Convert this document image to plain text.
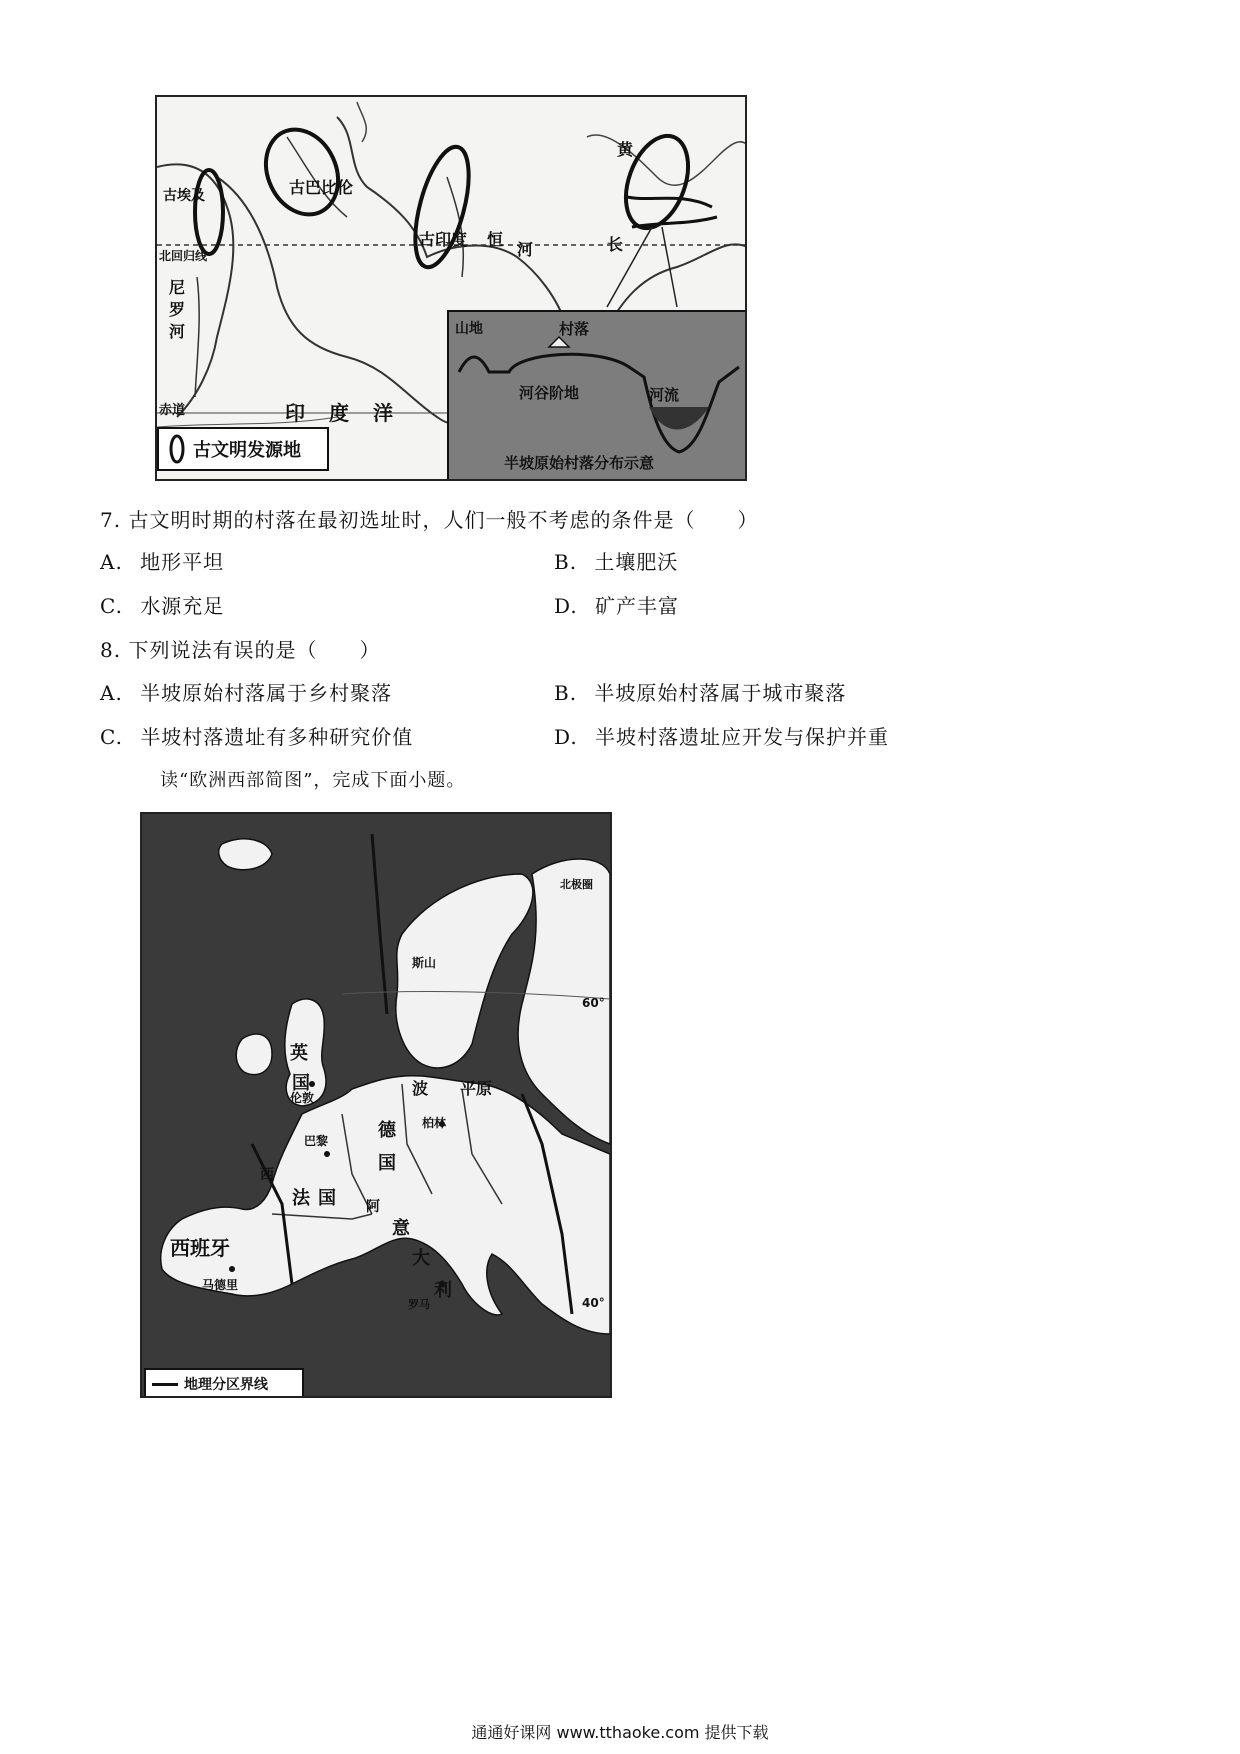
古埃及	古巴比伦
古印度 恒
河
北回归线
尼
罗
河
赤道	印 度 洋
黄
长
古文明发源地
村落
河谷阶地	河流
山地
半坡原始村落分布示意
7. 古文明时期的村落在最初选址时，人们一般不考虑的条件是（　　）
A. 地形平坦	B. 土壤肥沃
C. 水源充足	D. 矿产丰富
8. 下列说法有误的是（　　）
A. 半坡原始村落属于乡村聚落	B. 半坡原始村落属于城市聚落
C. 半坡村落遗址有多种研究价值	D. 半坡村落遗址应开发与保护并重
读“欧洲西部简图”，完成下面小题。
英
国
伦敦
西
巴黎
法 国
德
国
柏林
波 平原
西班牙
马德里
阿
意
大
利
罗马
斯山
60°
40°
北极圈
地理分区界线
通通好课网 www.tthaoke.com 提供下载
